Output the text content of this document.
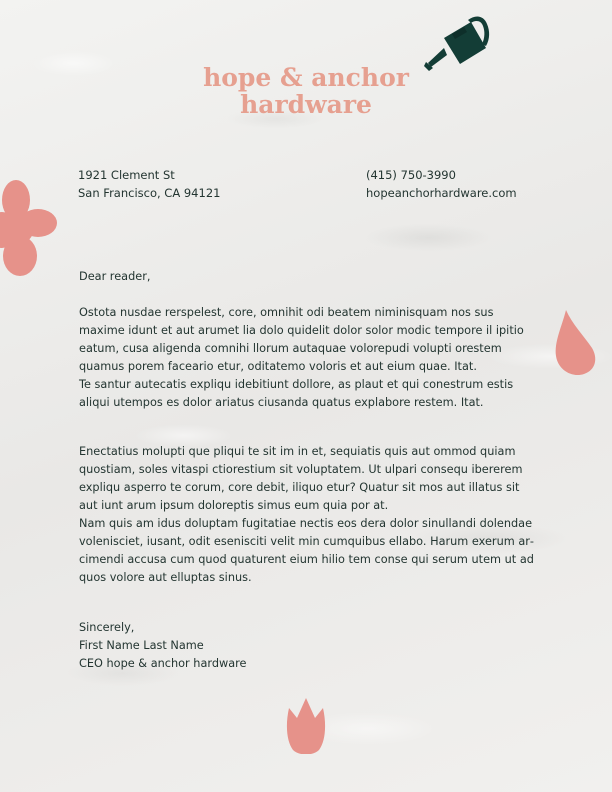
hope & anchor
hardware
1921 Clement St
San Francisco, CA 94121
(415) 750-3990
hopeanchorhardware.com
Dear reader,

Ostota nusdae rerspelest, core, omnihit odi beatem niminisquam nos sus maxime idunt et aut arumet lia dolo quidelit dolor solor modic tempore il ipitio eatum, cusa aligenda comnihi llorum autaquae volorepudi volupti orestem quamus porem faceario etur, oditatemo voloris et aut eium quae. Itat.

Te santur autecatis expliqu idebitiunt dollore, as plaut et qui conestrum estis aliqui utempos es dolor ariatus ciusanda quatus explabore restem. Itat.

Enectatius molupti que pliqui te sit im in et, sequiatis quis aut ommod quiam quostiam, soles vitaspi ctiorestium sit voluptatem. Ut ulpari consequ ibererem expliqu asperro te corum, core debit, iliquo etur? Quatur sit mos aut illatus sit aut iunt arum ipsum doloreptis simus eum quia por at.

Nam quis am idus doluptam fugitatiae nectis eos dera dolor sinullandi dolendae volenisciet, iusant, odit esenisciti velit min cumquibus ellabo. Harum exerum arcimendi accusa cum quod quaturent eium hilio tem conse qui serum utem ut ad quos volore aut elluptas sinus.

Sincerely,
First Name Last Name
CEO hope & anchor hardware
